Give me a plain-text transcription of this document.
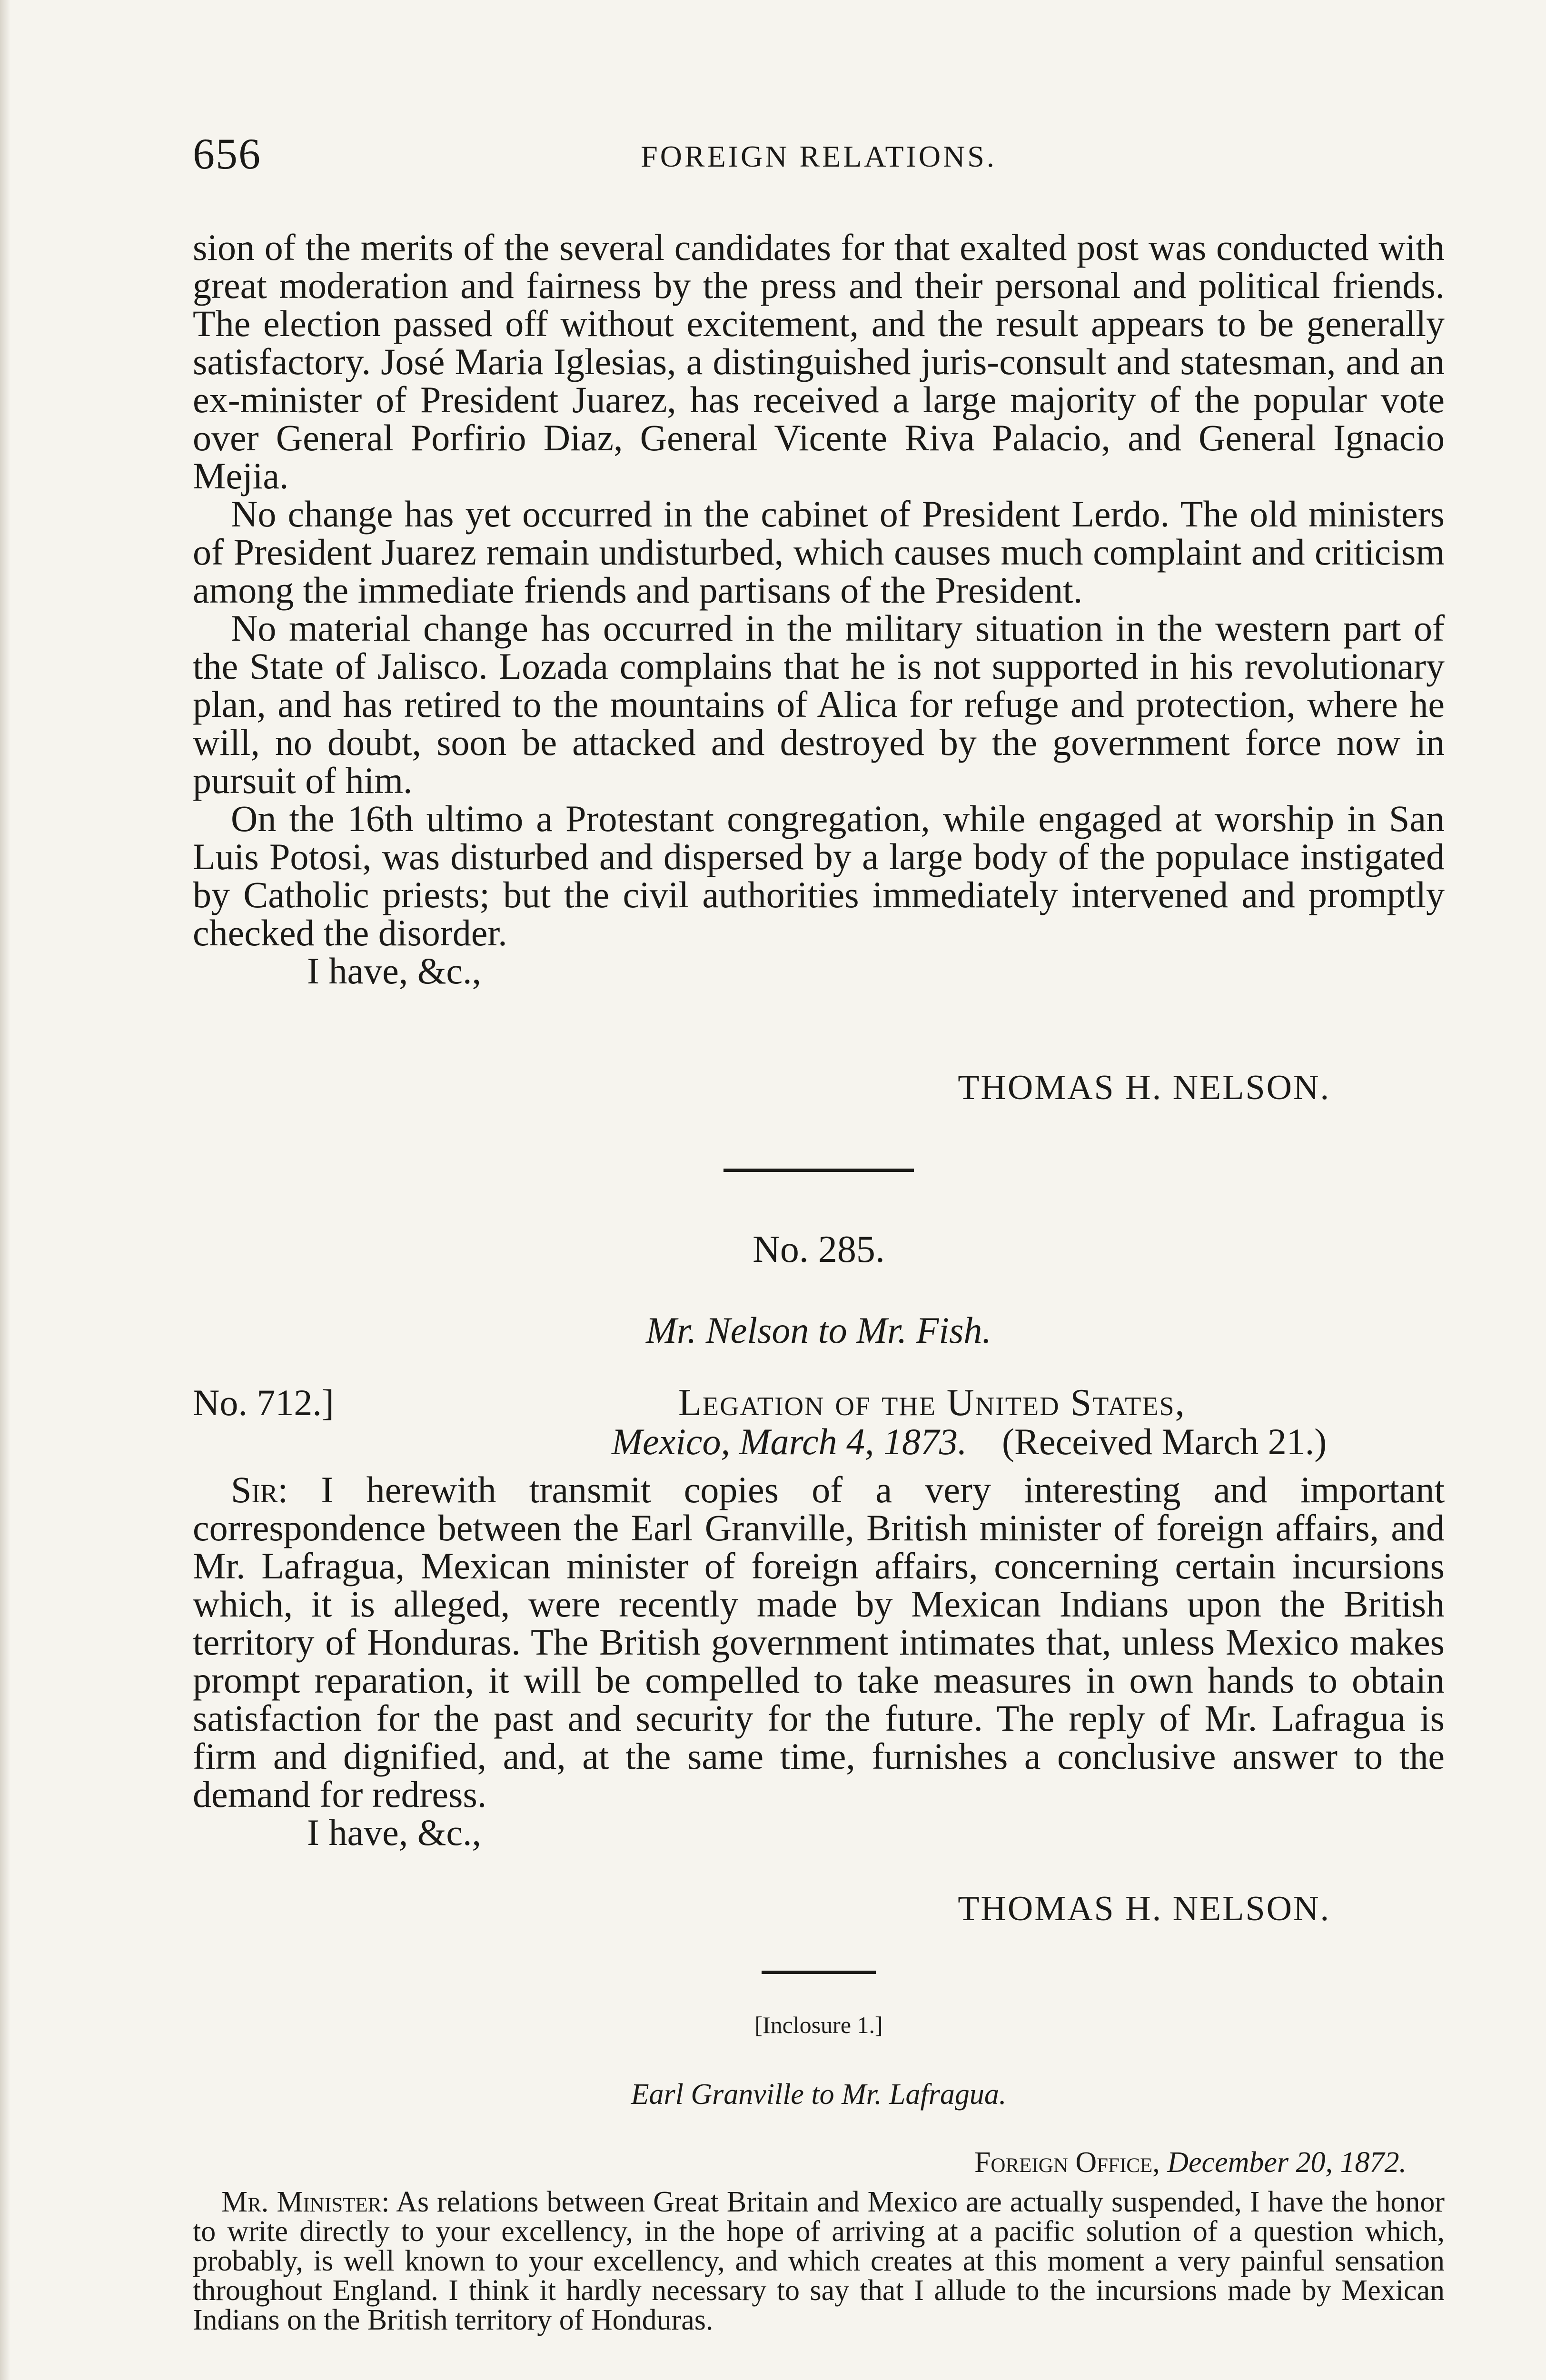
656	FOREIGN RELATIONS.

sion of the merits of the several candidates for that exalted post was conducted with great moderation and fairness by the press and their personal and political friends. The election passed off without excitement, and the result appears to be generally satisfactory. José Maria Iglesias, a distinguished juris-consult and statesman, and an ex-minister of President Juarez, has received a large majority of the popular vote over General Porfirio Diaz, General Vicente Riva Palacio, and General Ignacio Mejia.

No change has yet occurred in the cabinet of President Lerdo. The old ministers of President Juarez remain undisturbed, which causes much complaint and criticism among the immediate friends and partisans of the President.

No material change has occurred in the military situation in the western part of the State of Jalisco. Lozada complains that he is not supported in his revolutionary plan, and has retired to the mountains of Alica for refuge and protection, where he will, no doubt, soon be attacked and destroyed by the government force now in pursuit of him.

On the 16th ultimo a Protestant congregation, while engaged at worship in San Luis Potosi, was disturbed and dispersed by a large body of the populace instigated by Catholic priests; but the civil authorities immediately intervened and promptly checked the disorder.

I have, &c.,

THOMAS H. NELSON.
No. 285.
Mr. Nelson to Mr. Fish.
No. 712.]	Legation of the United States,
Mexico, March 4, 1873. (Received March 21.)

Sir: I herewith transmit copies of a very interesting and important correspondence between the Earl Granville, British minister of foreign affairs, and Mr. Lafragua, Mexican minister of foreign affairs, concerning certain incursions which, it is alleged, were recently made by Mexican Indians upon the British territory of Honduras. The British government intimates that, unless Mexico makes prompt reparation, it will be compelled to take measures in own hands to obtain satisfaction for the past and security for the future. The reply of Mr. Lafragua is firm and dignified, and, at the same time, furnishes a conclusive answer to the demand for redress.

I have, &c.,

THOMAS H. NELSON.
[Inclosure 1.]
Earl Granville to Mr. Lafragua.
Foreign Office, December 20, 1872.

Mr. Minister: As relations between Great Britain and Mexico are actually suspended, I have the honor to write directly to your excellency, in the hope of arriving at a pacific solution of a question which, probably, is well known to your excellency, and which creates at this moment a very painful sensation throughout England. I think it hardly necessary to say that I allude to the incursions made by Mexican Indians on the British territory of Honduras.
